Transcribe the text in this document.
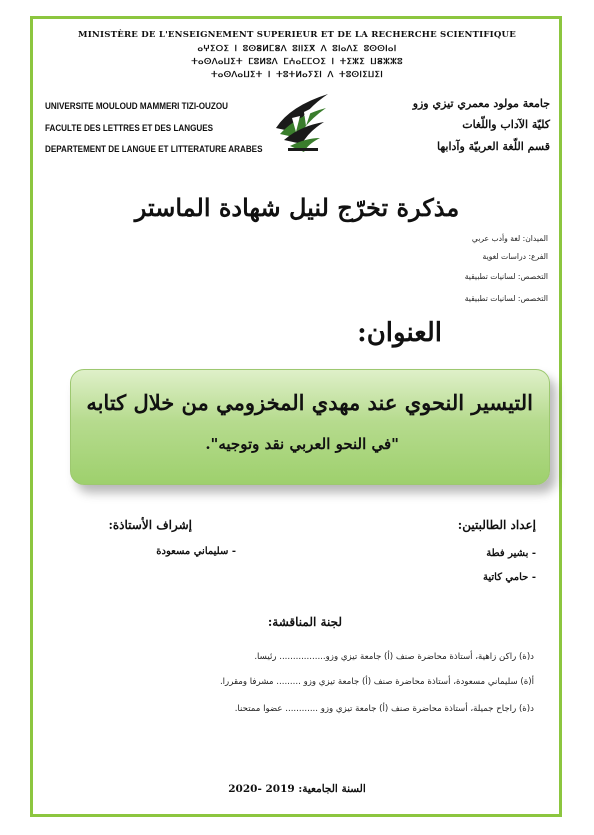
MINISTÈRE DE L'ENSEIGNEMENT SUPERIEUR ET DE LA RECHERCHE SCIENTIFIQUE
ⴰⵖⵉⵔⵉ ⵏ ⵓⵙⴻⵍⵎⴻⴷ ⵓⵏⵏⵉⴳ ⴷ ⵓⵏⴰⴷⵉ ⵓⵙⵙⵏⴰⵏ
ⵜⴰⵙⴷⴰⵡⵉⵜ ⵎⵓⵍⵓⴷ ⵎⵄⴰⵎⵎⵔⵉ ⵏ ⵜⵉⵣⵉ ⵡⴻⵣⵣⵓ
ⵜⴰⵙⴷⴰⵡⵉⵜ ⵏ ⵜⵓⵜⵍⴰⵢⵉⵏ ⴷ ⵜⵓⵙⵏⵉⵡⵉⵏ
UNIVERSITE MOULOUD MAMMERI TIZI-OUZOU
FACULTE DES LETTRES ET DES LANGUES
DEPARTEMENT DE LANGUE ET LITTERATURE ARABES
جامعة مولود معمري تيزي وزو
كليّة الآداب واللّغات
قسم اللّغة العربيّة وآدابها
مذكرة تخرّج لنيل شهادة الماستر
الميدان: لغة وأدب عربي
الفرع: دراسات لغوية
التخصص: لسانيات تطبيقية
التخصص: لسانيات تطبيقية
العنوان:
التيسير النحوي عند مهدي المخزومي من خلال كتابه
"في النحو العربي نقد وتوجيه".
إعداد الطالبتين:
- بشير فطة
- حامي كاتية
إشراف الأستاذة:
- سليماني مسعودة
لجنة المناقشة:
د(ة) راكن زاهية، أستاذة محاضرة صنف (أ) جامعة تيزي وزو................. رئيسا.
أ(ة) سليماني مسعودة، أستاذة محاضرة صنف (أ) جامعة تيزي وزو ......... مشرفا ومقررا.
د(ة) راجاح جميلة، أستاذة محاضرة صنف (أ) جامعة تيزي وزو ............ عضوا ممتحنا.
السنة الجامعية: 2019 -2020
